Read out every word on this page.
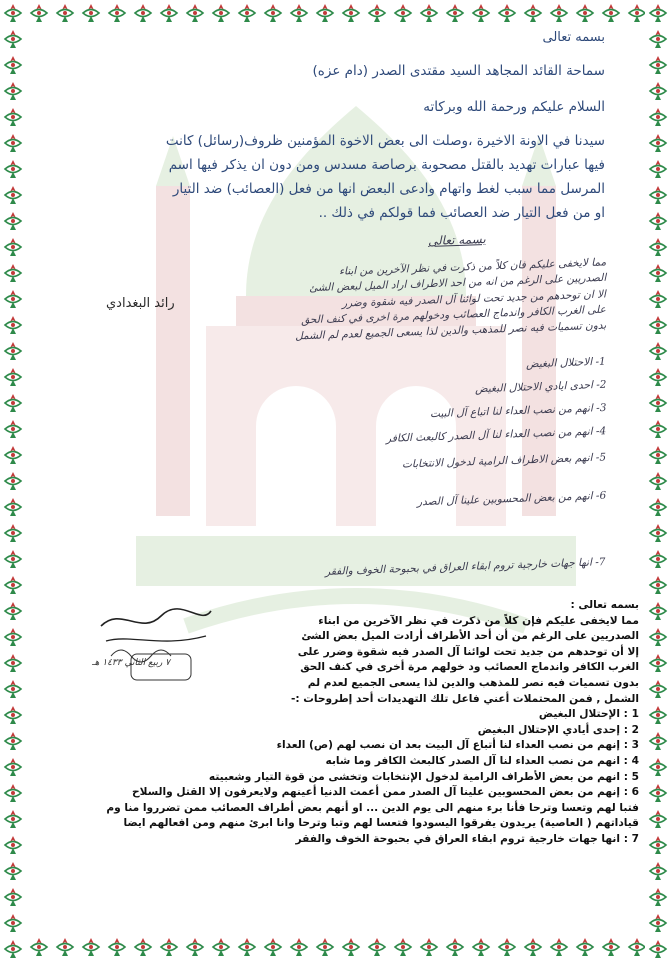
بسمه تعالى
سماحة القائد المجاهد السيد مقتدى الصدر (دام عزه)
السلام عليكم ورحمة الله وبركاته
سيدنا في الاونة الاخيرة ،وصلت الى بعض الاخوة المؤمنين ظروف(رسائل) كانت
فيها عبارات تهديد بالقتل مصحوبة برصاصة مسدس ومن دون ان يذكر فيها اسم
المرسل مما سبب لغط واتهام وادعى البعض انها من فعل (العصائب) ضد التيار
او من فعل التيار ضد العصائب فما قولكم في ذلك ..
رائد البغدادي
بسمه تعالى
مما لايخفى عليكم فان كلاً من ذكرت في نظر الآخرين من ابناء
الصدريين على الرغم من انه من احد الاطراف اراد الميل لبعض الشئ
الا ان توحدهم من جديد تحت لوائنا آل الصدر فيه شقوة وضرر
على الغرب الكافر واندماج العصائب ودخولهم مرة اخرى في كنف الحق
بدون تسميات فيه نصر للمذهب والدين لذا يسعى الجميع لعدم لم الشمل
1- الاحتلال البغيض
2- احدى ايادي الاحتلال البغيض
3- انهم من نصب العداء لنا اتباع آل البيت
4- انهم من نصب العداء لنا آل الصدر كالبعث الكافر
5- انهم بعض الاطراف الرامية لدخول الانتخابات
6- انهم من بعض المحسوبين علينا آل الصدر
7- انها جهات خارجية تروم ابقاء العراق في بحبوحة الخوف والفقر
٧ ربيع الثاني ١٤٣٣ هـ
بسمه تعالى :
مما لايخفى عليكم فإن كلاً من ذكرت في نظر الآخرين من ابناء
الصدريين على الرغم من أن أحد الأطراف أرادت الميل بعض الشئ
إلا أن توحدهم من جديد تحت لوائنا آل الصدر فيه شقوة وضرر على
الغرب الكافر واندماج العصائب ود خولهم مرة أخرى في كنف الحق
بدون تسميات فيه نصر للمذهب والدين لذا يسعى الجميع لعدم لم
الشمل , فمن المحتملات أعني فاعل تلك التهديدات أحد إطروحات :-
1 : الإحتلال البغيض
2 : إحدى أيادي الإحتلال البغيض
3 : إنهم من نصب العداء لنا أتباع آل البيت بعد ان نصب لهم (ص) العداء
4 : انهم من نصب العداء لنا آل الصدر كالبعث الكافر وما شابه
5 : انهم من بعض الأطراف الرامية لدخول الإنتخابات وتخشى من قوة التيار وشعبيته
6 : إنهم من بعض المحسوبين علينا آل الصدر ممن أعمت الدنيا أعينهم ولايعرفون إلا القتل والسلاح
فتبا لهم وتعسا وترحا فأنا برء منهم الى يوم الدين ... او أنهم بعض أطراف العصائب ممن تضرروا منا وم
قياداتهم ( العاصية) يريدون يفرقوا اليسودوا فتعسا لهم وتبا وترحا وانا ابرئ منهم ومن افعالهم ايضا
7 : انها جهات خارجية تروم ابقاء العراق في بحبوحة الخوف والفقر
